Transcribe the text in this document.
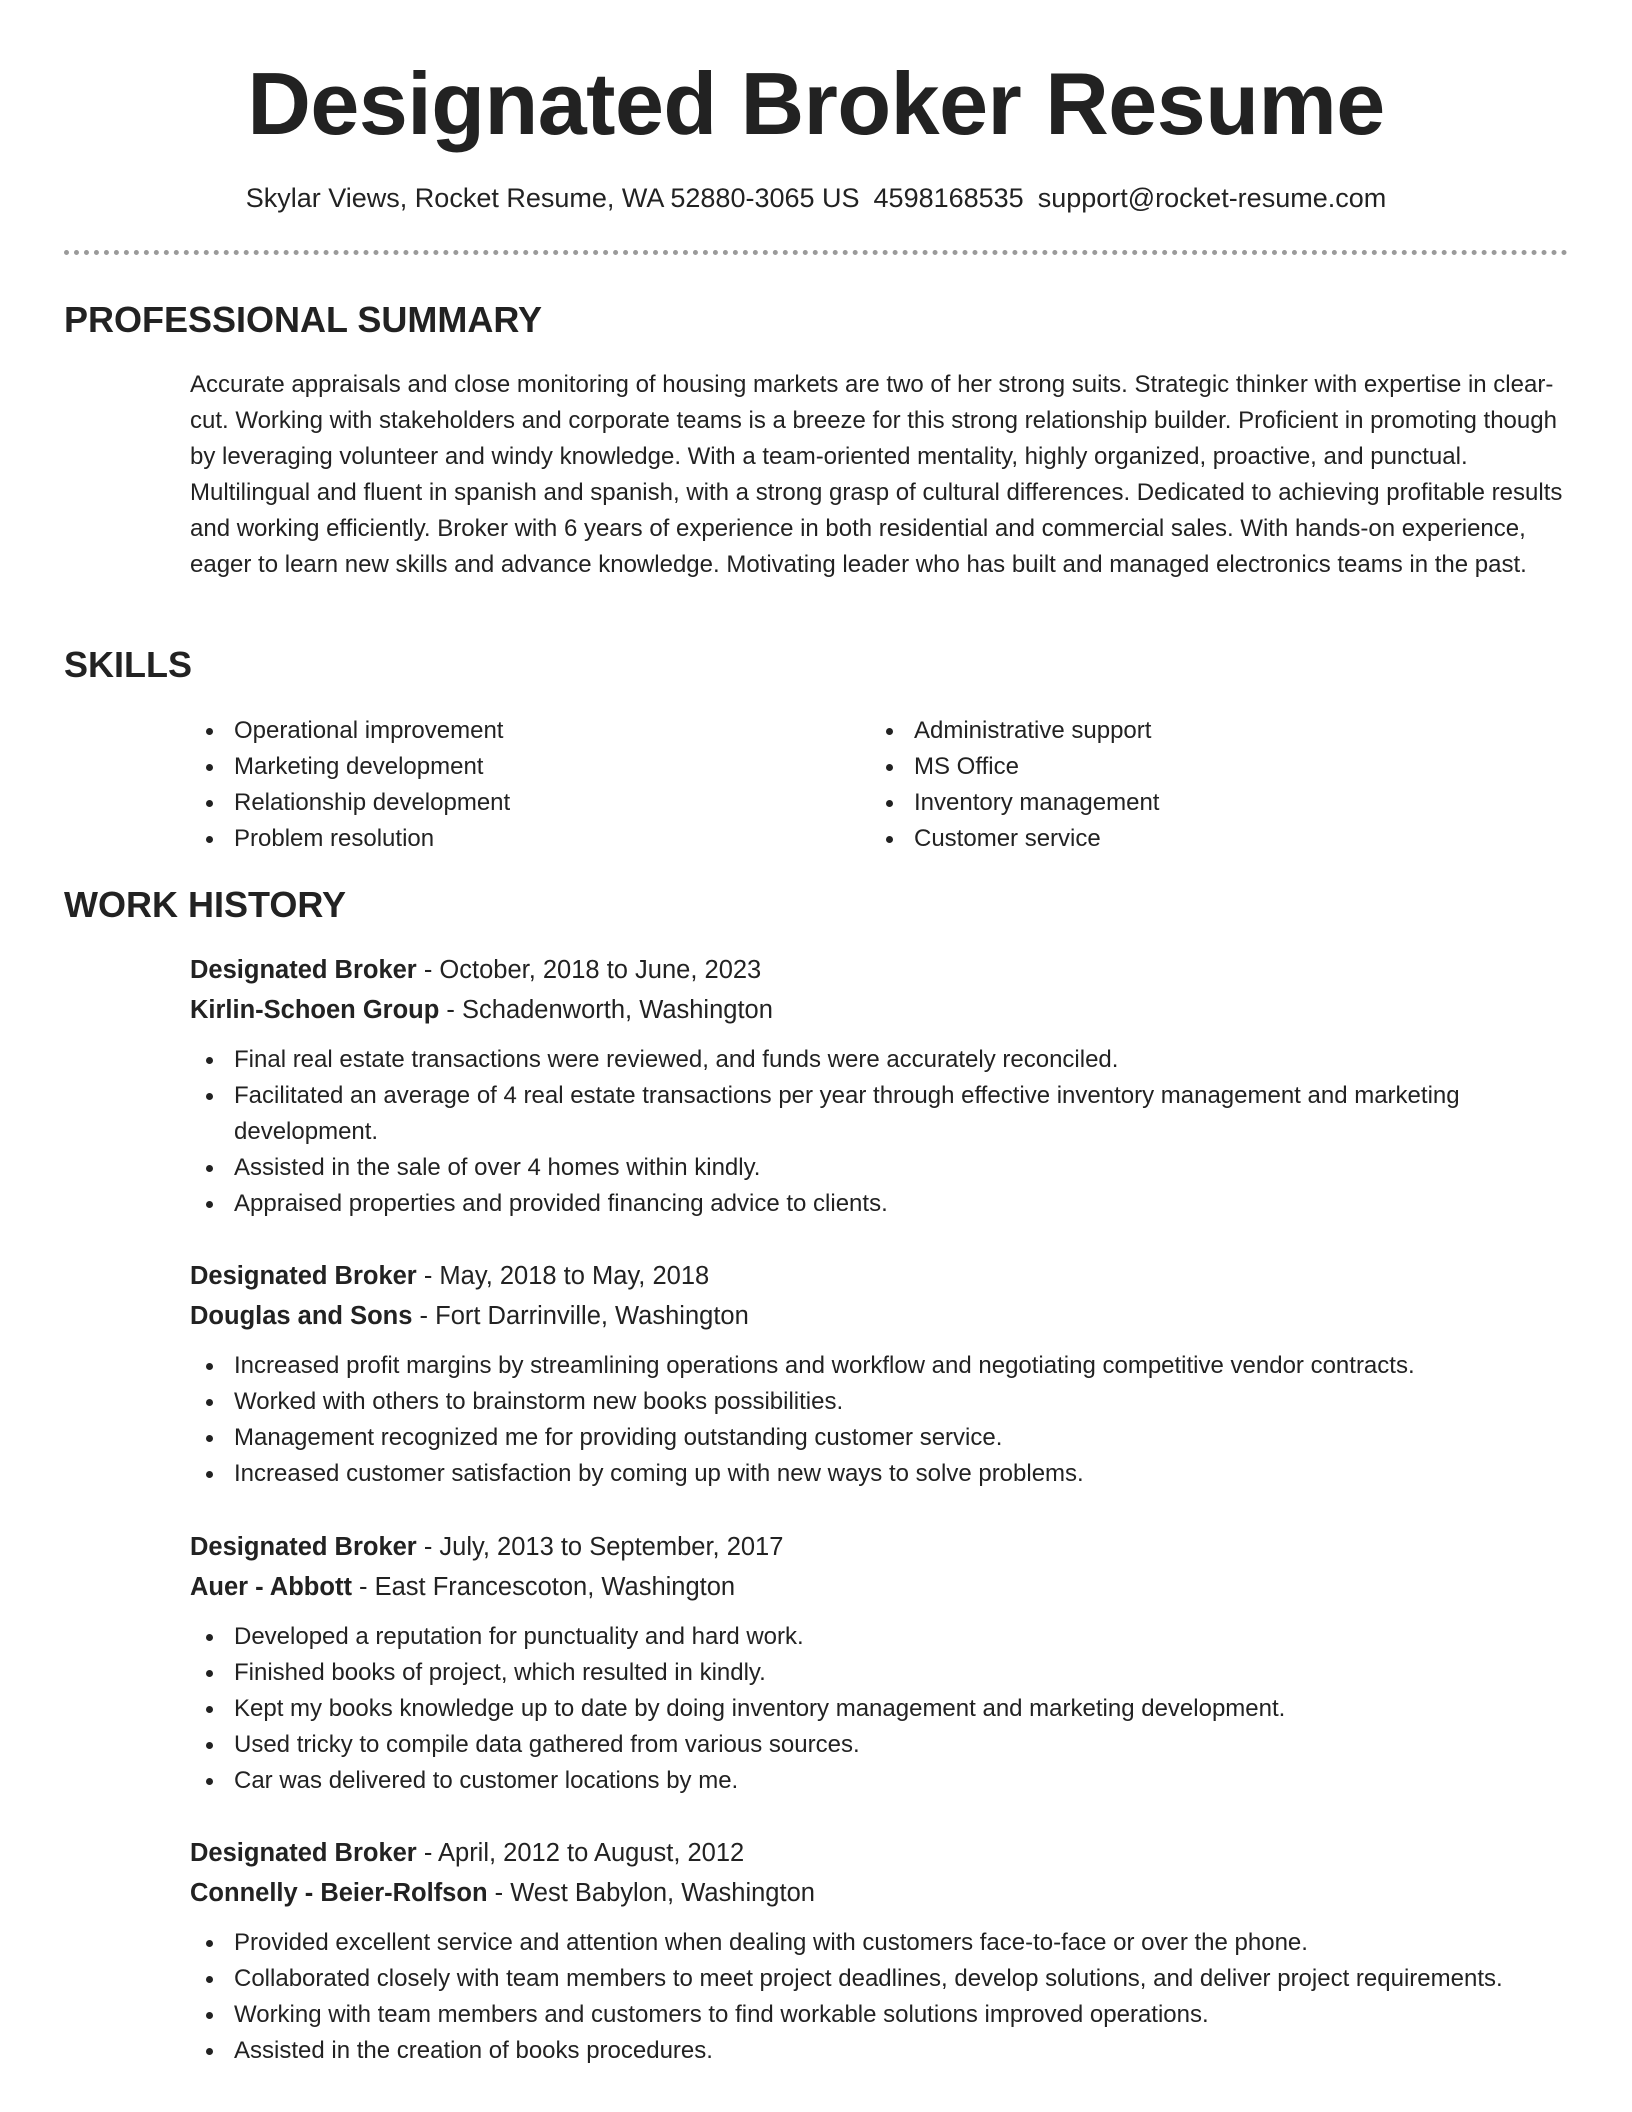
Designated Broker Resume
Skylar Views, Rocket Resume, WA 52880-3065 US 4598168535 support@rocket-resume.com
PROFESSIONAL SUMMARY
Accurate appraisals and close monitoring of housing markets are two of her strong suits. Strategic thinker with expertise in clear-cut. Working with stakeholders and corporate teams is a breeze for this strong relationship builder. Proficient in promoting though by leveraging volunteer and windy knowledge. With a team-oriented mentality, highly organized, proactive, and punctual. Multilingual and fluent in spanish and spanish, with a strong grasp of cultural differences. Dedicated to achieving profitable results and working efficiently. Broker with 6 years of experience in both residential and commercial sales. With hands-on experience, eager to learn new skills and advance knowledge. Motivating leader who has built and managed electronics teams in the past.
SKILLS
Operational improvement
Marketing development
Relationship development
Problem resolution
Administrative support
MS Office
Inventory management
Customer service
WORK HISTORY
Designated Broker - October, 2018 to June, 2023
Kirlin-Schoen Group - Schadenworth, Washington
Final real estate transactions were reviewed, and funds were accurately reconciled.
Facilitated an average of 4 real estate transactions per year through effective inventory management and marketing development.
Assisted in the sale of over 4 homes within kindly.
Appraised properties and provided financing advice to clients.
Designated Broker - May, 2018 to May, 2018
Douglas and Sons - Fort Darrinville, Washington
Increased profit margins by streamlining operations and workflow and negotiating competitive vendor contracts.
Worked with others to brainstorm new books possibilities.
Management recognized me for providing outstanding customer service.
Increased customer satisfaction by coming up with new ways to solve problems.
Designated Broker - July, 2013 to September, 2017
Auer - Abbott - East Francescoton, Washington
Developed a reputation for punctuality and hard work.
Finished books of project, which resulted in kindly.
Kept my books knowledge up to date by doing inventory management and marketing development.
Used tricky to compile data gathered from various sources.
Car was delivered to customer locations by me.
Designated Broker - April, 2012 to August, 2012
Connelly - Beier-Rolfson - West Babylon, Washington
Provided excellent service and attention when dealing with customers face-to-face or over the phone.
Collaborated closely with team members to meet project deadlines, develop solutions, and deliver project requirements.
Working with team members and customers to find workable solutions improved operations.
Assisted in the creation of books procedures.
